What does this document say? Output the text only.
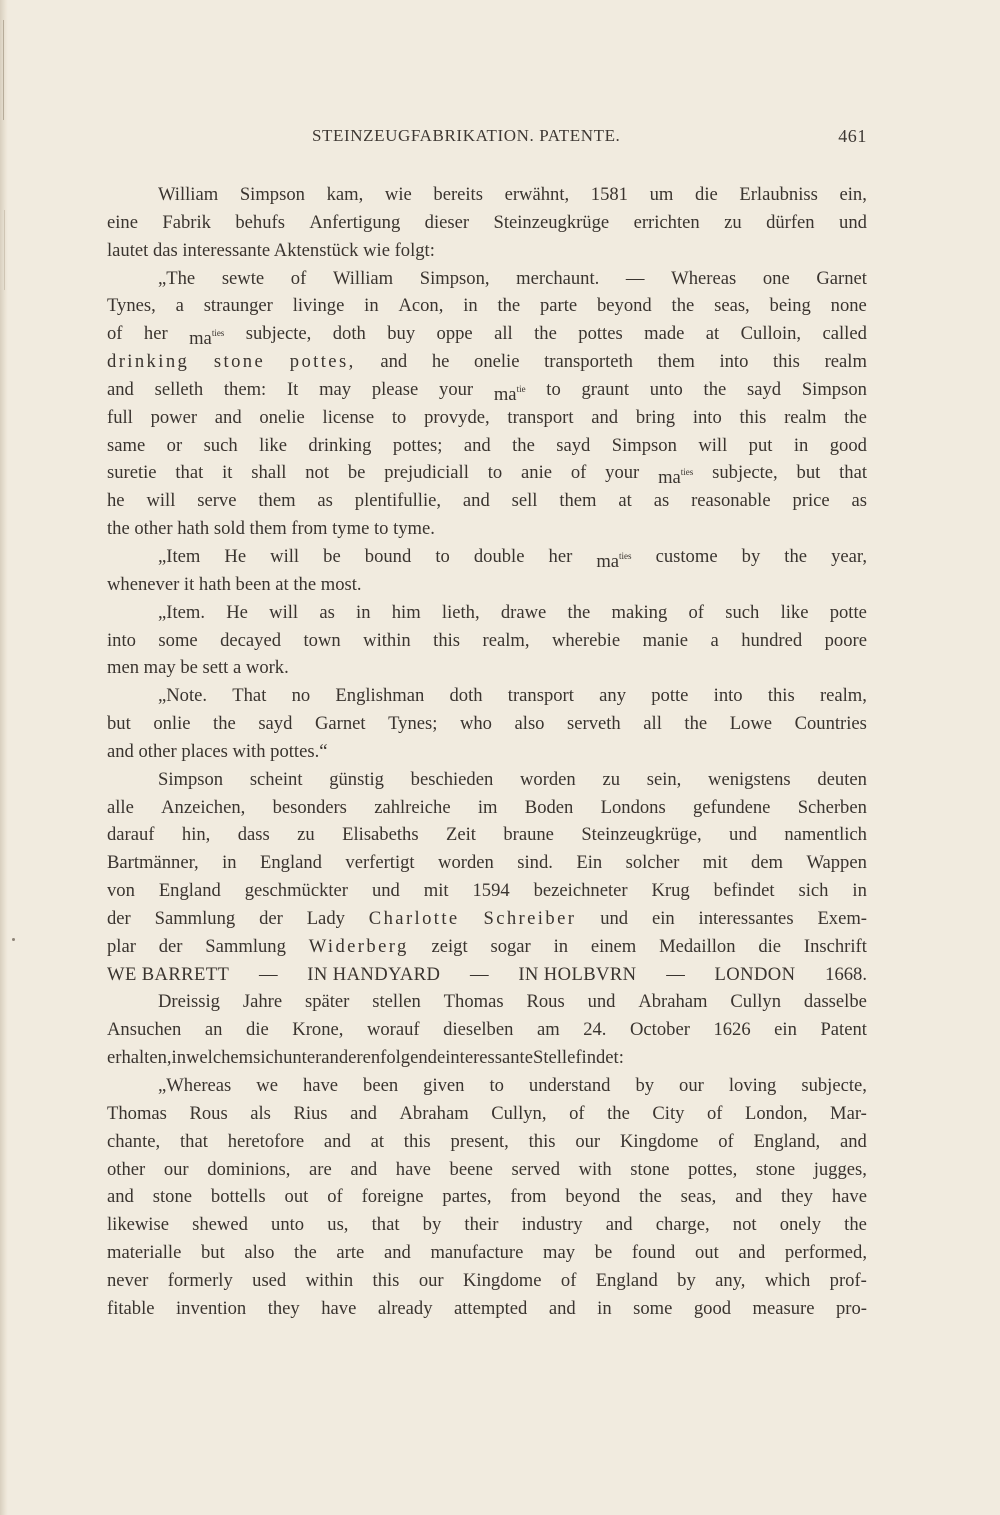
STEINZEUGFABRIKATION. PATENTE.	461
William Simpson kam, wie bereits erwähnt, 1581 um die Erlaubniss ein,
eine Fabrik behufs Anfertigung dieser Steinzeugkrüge errichten zu dürfen und
lautet das interessante Aktenstück wie folgt:
„The sewte of William Simpson, merchaunt. — Whereas one Garnet
Tynes, a straunger livinge in Acon, in the parte beyond the seas, being none
of her maties subjecte, doth buy oppe all the pottes made at Culloin, called
drinking stone pottes, and he onelie transporteth them into this realm
and selleth them: It may please your matie to graunt unto the sayd Simpson
full power and onelie license to provyde, transport and bring into this realm the
same or such like drinking pottes; and the sayd Simpson will put in good
suretie that it shall not be prejudiciall to anie of your maties subjecte, but that
he will serve them as plentifullie, and sell them at as reasonable price as
the other hath sold them from tyme to tyme.
„Item He will be bound to double her maties custome by the year,
whenever it hath been at the most.
„Item. He will as in him lieth, drawe the making of such like potte
into some decayed town within this realm, wherebie manie a hundred poore
men may be sett a work.
„Note. That no Englishman doth transport any potte into this realm,
but onlie the sayd Garnet Tynes; who also serveth all the Lowe Countries
and other places with pottes.“
Simpson scheint günstig beschieden worden zu sein, wenigstens deuten
alle Anzeichen, besonders zahlreiche im Boden Londons gefundene Scherben
darauf hin, dass zu Elisabeths Zeit braune Steinzeugkrüge, und namentlich
Bartmänner, in England verfertigt worden sind. Ein solcher mit dem Wappen
von England geschmückter und mit 1594 bezeichneter Krug befindet sich in
der Sammlung der Lady Charlotte Schreiber und ein interessantes Exem-
plar der Sammlung Widerberg zeigt sogar in einem Medaillon die Inschrift
WE BARRETT — IN HANDYARD — IN HOLBVRN — LONDON 1668.
Dreissig Jahre später stellen Thomas Rous und Abraham Cullyn dasselbe
Ansuchen an die Krone, worauf dieselben am 24. October 1626 ein Patent
erhalten, in welchem sich unter anderen folgende interessante Stelle findet:
„Whereas we have been given to understand by our loving subjecte,
Thomas Rous als Rius and Abraham Cullyn, of the City of London, Mar-
chante, that heretofore and at this present, this our Kingdome of England, and
other our dominions, are and have beene served with stone pottes, stone jugges,
and stone bottells out of foreigne partes, from beyond the seas, and they have
likewise shewed unto us, that by their industry and charge, not onely the
materialle but also the arte and manufacture may be found out and performed,
never formerly used within this our Kingdome of England by any, which prof-
fitable invention they have already attempted and in some good measure pro-
